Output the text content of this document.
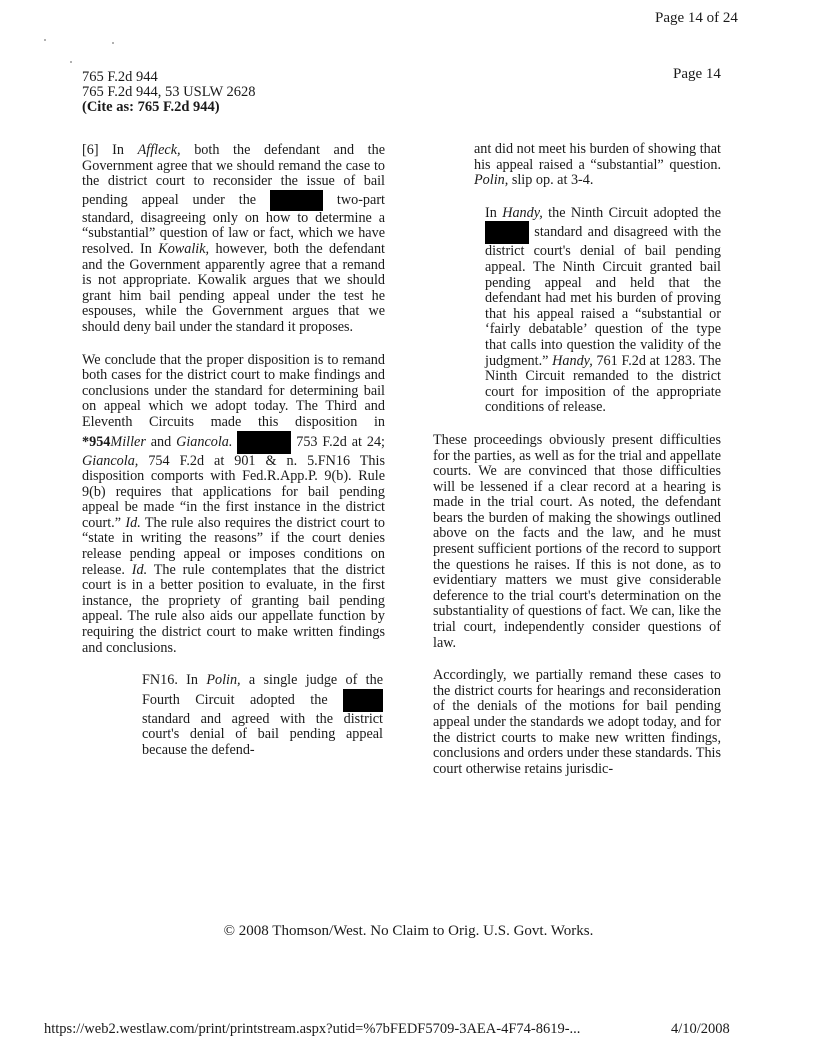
Page 14 of 24
765 F.2d 944
765 F.2d 944, 53 USLW 2628
(Cite as: 765 F.2d 944)
Page 14

[6] In Affleck, both the defendant and the Government agree that we should remand the case to the district court to reconsider the issue of bail pending appeal under the	two-part standard, disagreeing only on how to determine a “substantial” question of law or fact, which we have resolved. In Kowalik, however, both the defendant and the Government apparently agree that a remand is not appropriate. Kowalik argues that we should grant him bail pending appeal under the test he espouses, while the Government argues that we should deny bail under the standard it proposes.

We conclude that the proper disposition is to remand both cases for the district court to make findings and conclusions under the standard for determining bail on appeal which we adopt today. The Third and Eleventh Circuits made this disposition in *954Miller and Giancola.	753 F.2d at 24; Giancola, 754 F.2d at 901 & n. 5.FN16 This disposition comports with Fed.R.App.P. 9(b). Rule 9(b) requires that applications for bail pending appeal be made “in the first instance in the district court.” Id. The rule also requires the district court to “state in writing the reasons” if the court denies release pending appeal or imposes conditions on release. Id. The rule contemplates that the district court is in a better position to evaluate, in the first instance, the propriety of granting bail pending appeal. The rule also aids our appellate function by requiring the district court to make written findings and conclusions.

FN16. In Polin, a single judge of the Fourth Circuit adopted the  standard and agreed with the district court's denial of bail pending appeal because the defend-

ant did not meet his burden of showing that his appeal raised a “substantial” question. Polin, slip op. at 3-4.

In Handy, the Ninth Circuit adopted the  standard and disagreed with the district court's denial of bail pending appeal. The Ninth Circuit granted bail pending appeal and held that the defendant had met his burden of proving that his appeal raised a “substantial or ‘fairly debatable’ question of the type that calls into question the validity of the judgment.” Handy, 761 F.2d at 1283. The Ninth Circuit remanded to the district court for imposition of the appropriate conditions of release.

These proceedings obviously present difficulties for the parties, as well as for the trial and appellate courts. We are convinced that those difficulties will be lessened if a clear record at a hearing is made in the trial court. As noted, the defendant bears the burden of making the showings outlined above on the facts and the law, and he must present sufficient portions of the record to support the questions he raises. If this is not done, as to evidentiary matters we must give considerable deference to the trial court's determination on the substantiality of questions of fact. We can, like the trial court, independently consider questions of law.

Accordingly, we partially remand these cases to the district courts for hearings and reconsideration of the denials of the motions for bail pending appeal under the standards we adopt today, and for the district courts to make new written findings, conclusions and orders under these standards. This court otherwise retains jurisdic-

© 2008 Thomson/West. No Claim to Orig. U.S. Govt. Works.
https://web2.westlaw.com/print/printstream.aspx?utid=%7bFEDF5709-3AEA-4F74-8619-...	4/10/2008
